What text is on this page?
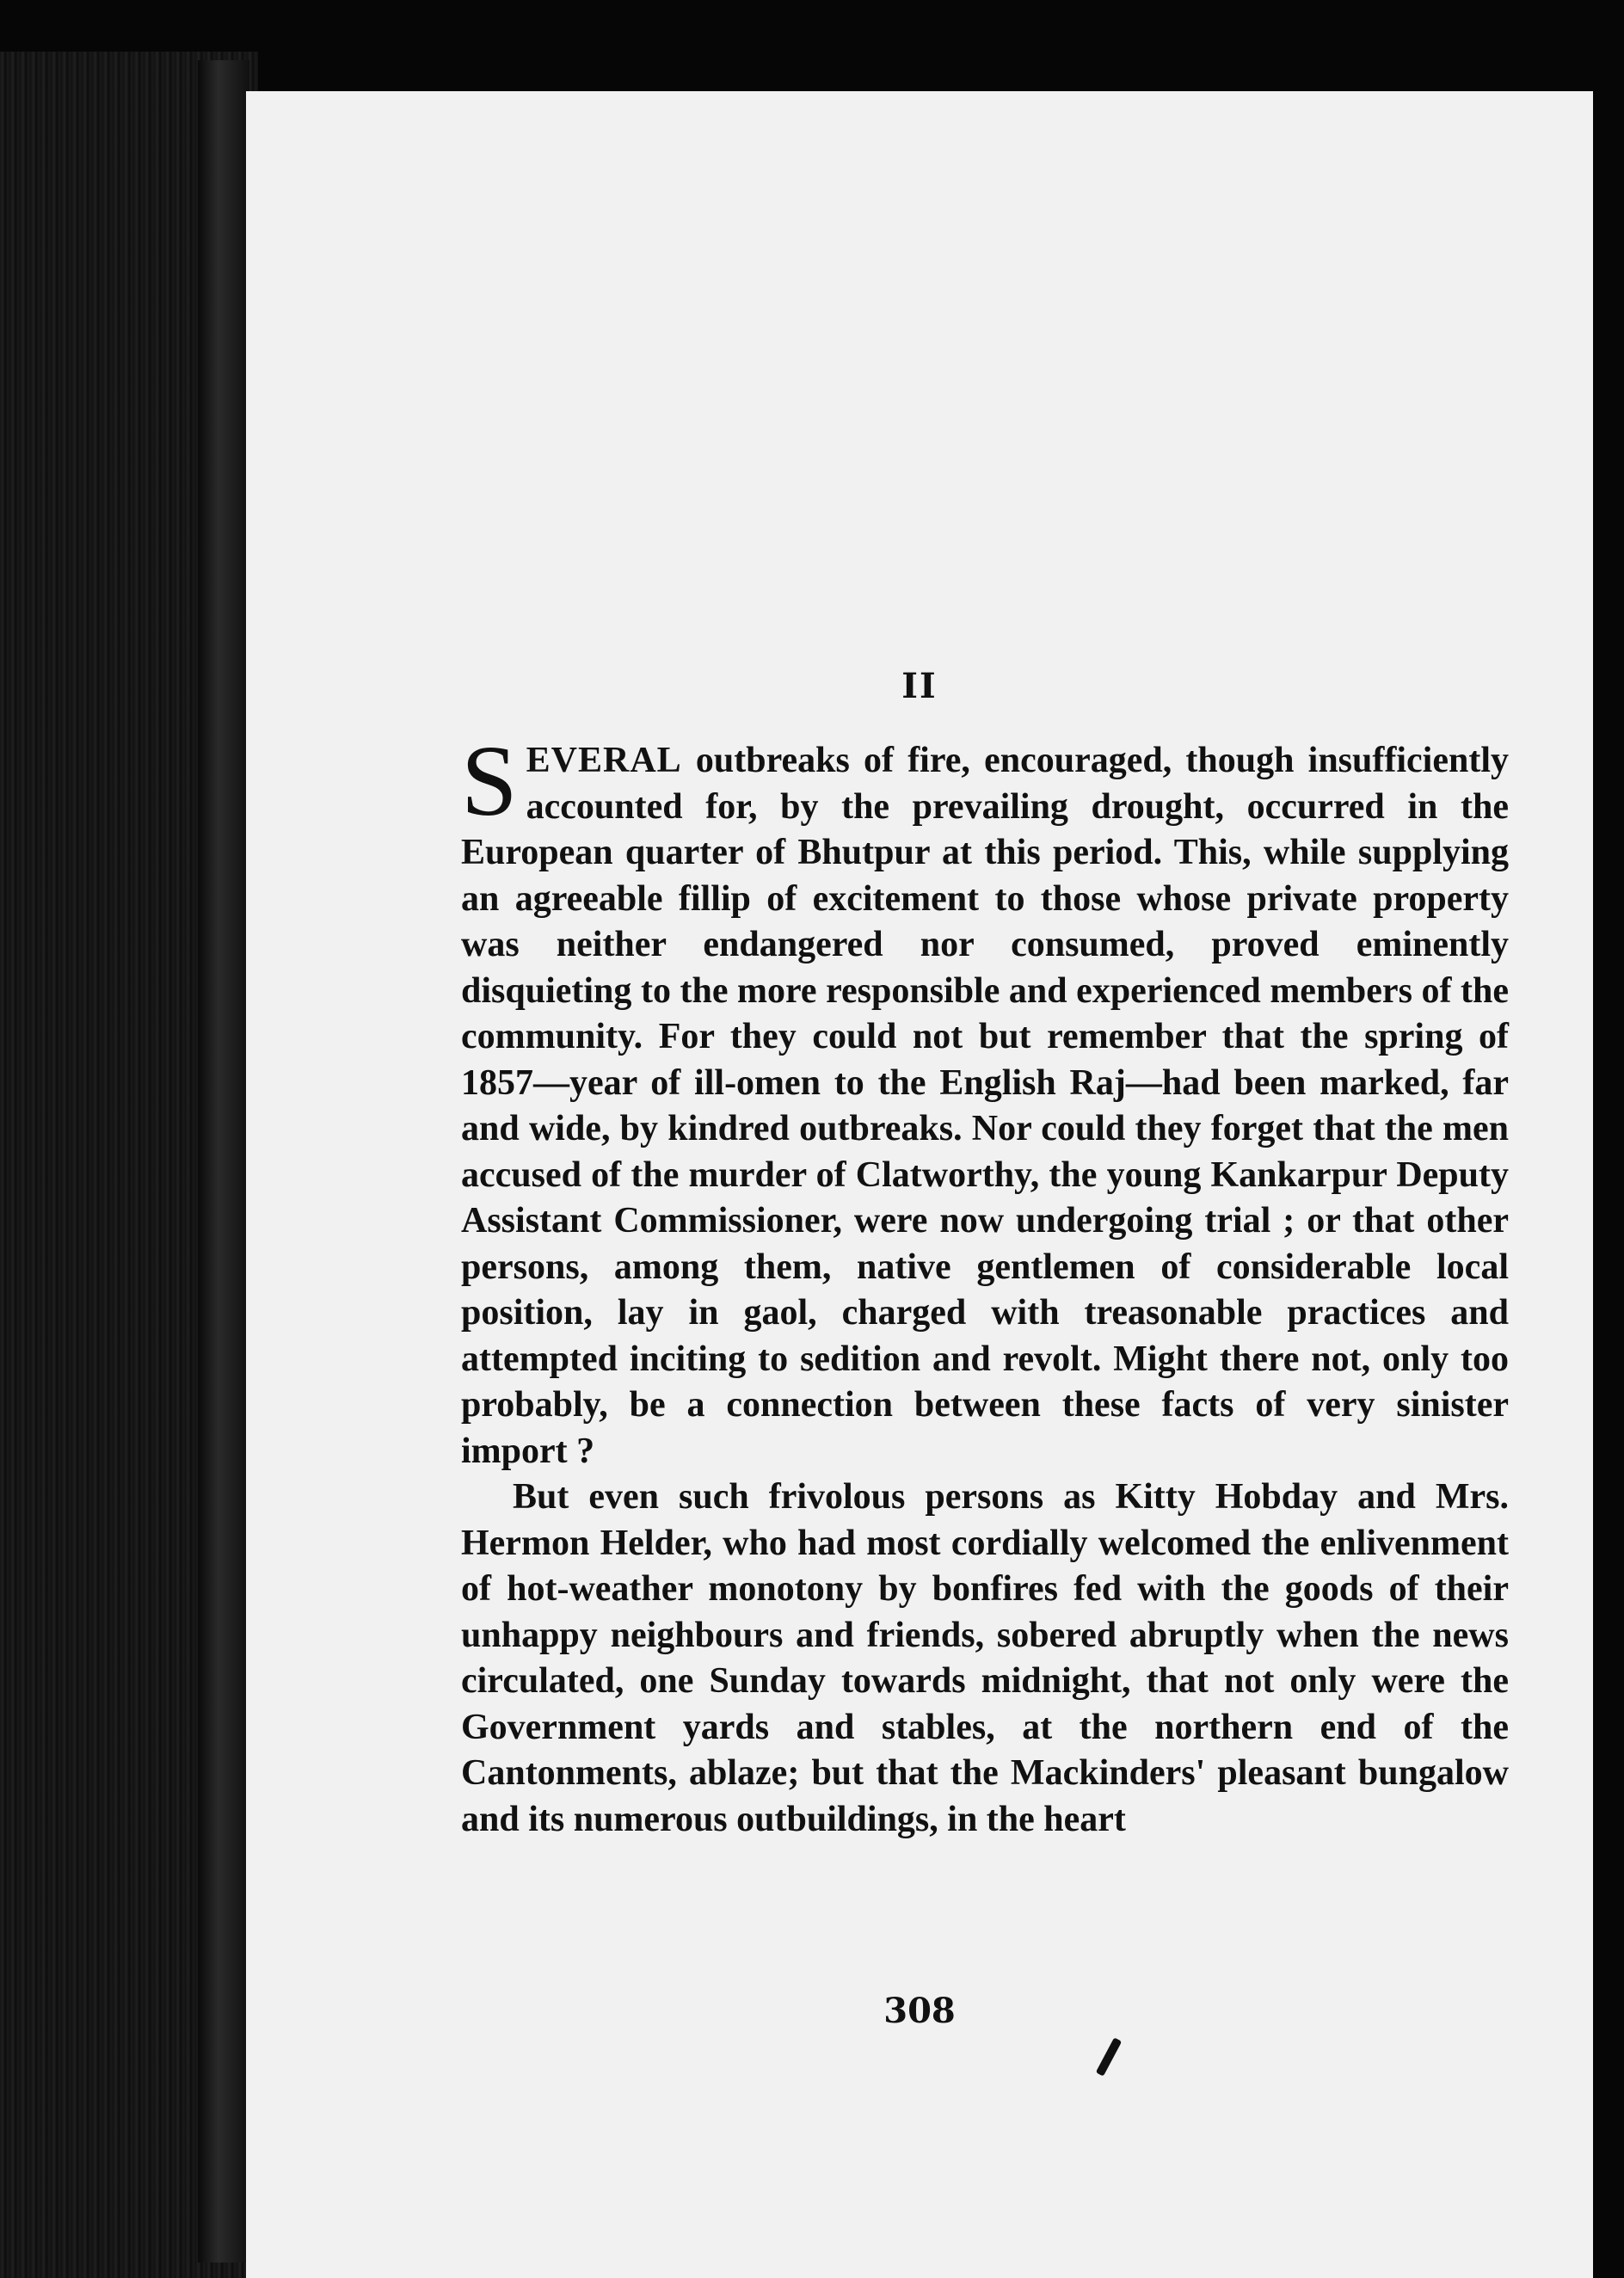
II

SEVERAL outbreaks of fire, encouraged, though insufficiently accounted for, by the prevailing drought, occurred in the European quarter of Bhutpur at this period. This, while supplying an agreeable fillip of excitement to those whose private property was neither endangered nor consumed, proved eminently disquieting to the more responsible and experienced members of the community. For they could not but remember that the spring of 1857—year of ill-omen to the English Raj—had been marked, far and wide, by kindred outbreaks. Nor could they forget that the men accused of the murder of Clatworthy, the young Kankarpur Deputy Assistant Commissioner, were now undergoing trial ; or that other persons, among them, native gentlemen of considerable local position, lay in gaol, charged with treasonable practices and attempted inciting to sedition and revolt. Might there not, only too probably, be a connection between these facts of very sinister import ?

But even such frivolous persons as Kitty Hobday and Mrs. Hermon Helder, who had most cordially welcomed the enlivenment of hot-weather monotony by bonfires fed with the goods of their unhappy neighbours and friends, sobered abruptly when the news circulated, one Sunday towards midnight, that not only were the Government yards and stables, at the northern end of the Cantonments, ablaze; but that the Mackinders' pleasant bungalow and its numerous outbuildings, in the heart

308
